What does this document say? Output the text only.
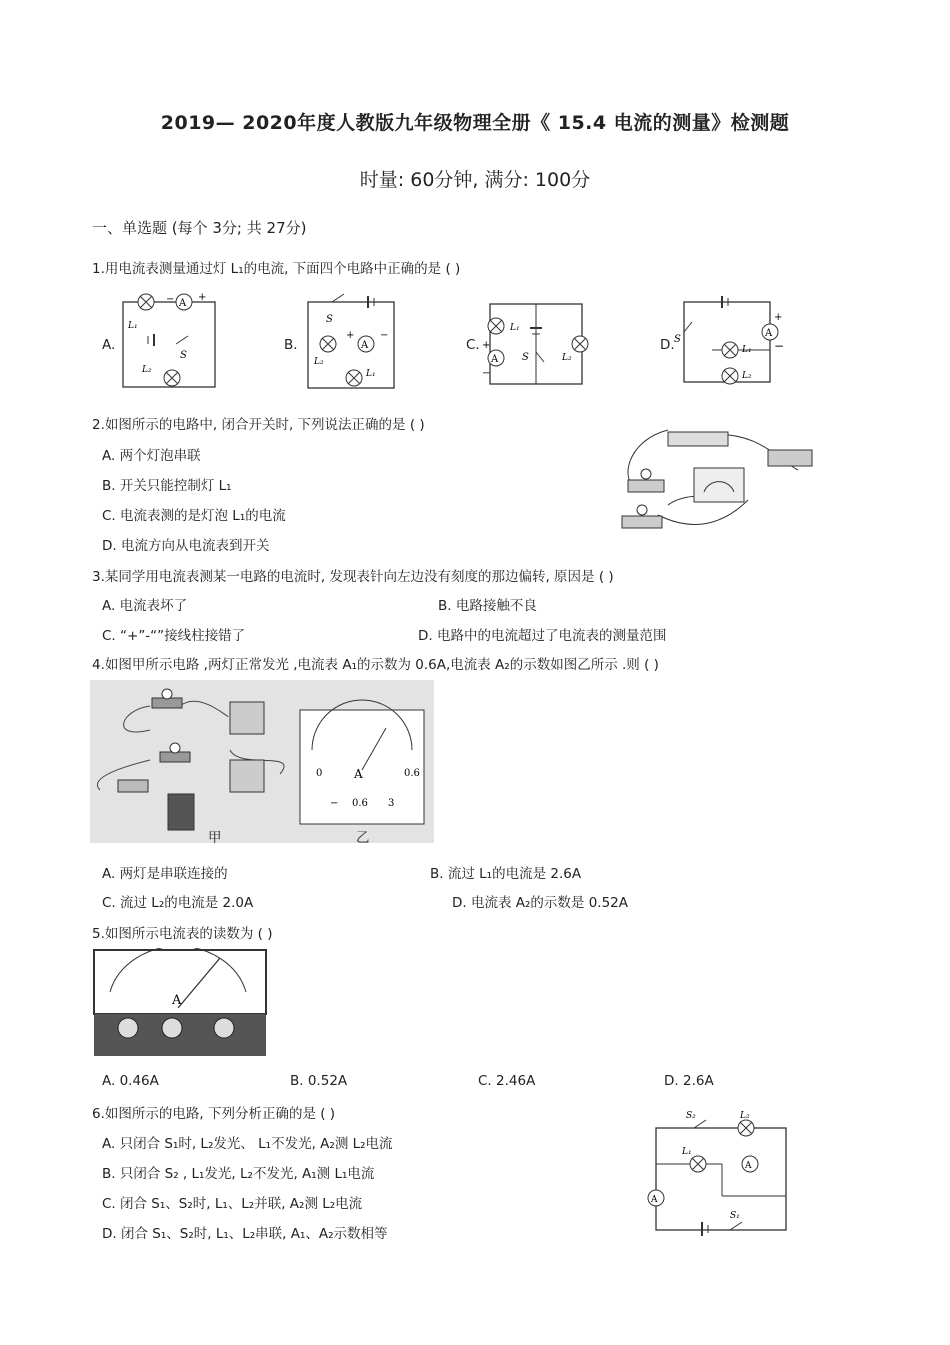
2019— 2020年度人教版九年级物理全册《 15.4 电流的测量》检测题
时量: 60分钟, 满分: 100分
一、单选题 (每个 3分; 共 27分)
1.用电流表测量通过灯 L₁的电流, 下面四个电路中正确的是 ( )
A.	B.	C.	D.
A
− +
S
L₂
L₁
S
A
+	−
L₂
L₁
A
+
−
S
L₁
L₂
A
+
−
S
L₁
L₂
2.如图所示的电路中, 闭合开关时, 下列说法正确的是 ( )
A. 两个灯泡串联
B. 开关只能控制灯 L₁
C. 电流表测的是灯泡 L₁的电流
D. 电流方向从电流表到开关
3.某同学用电流表测某一电路的电流时, 发现表针向左边没有刻度的那边偏转, 原因是 ( )
A. 电流表坏了	B. 电路接触不良
C. “+”-“”接线柱接错了	D. 电路中的电流超过了电流表的测量范围
4.如图甲所示电路 ,两灯正常发光 ,电流表 A₁的示数为 0.6A,电流表 A₂的示数如图乙所示 .则 ( )
A
0	0.6
− 0.6 3
甲	乙
A. 两灯是串联连接的	B. 流过 L₁的电流是 2.6A
C. 流过 L₂的电流是 2.0A	D. 电流表 A₂的示数是 0.52A
5.如图所示电流表的读数为 ( )
A
A. 0.46A	B. 0.52A	C. 2.46A	D. 2.6A
6.如图所示的电路, 下列分析正确的是 ( )
A. 只闭合 S₁时, L₂发光、 L₁不发光, A₂测 L₂电流
B. 只闭合 S₂ , L₁发光, L₂不发光, A₁测 L₁电流
C. 闭合 S₁、S₂时, L₁、L₂并联, A₂测 L₂电流
D. 闭合 S₁、S₂时, L₁、L₂串联, A₁、A₂示数相等
A
A
S₂	L₂
L₁
S₁
